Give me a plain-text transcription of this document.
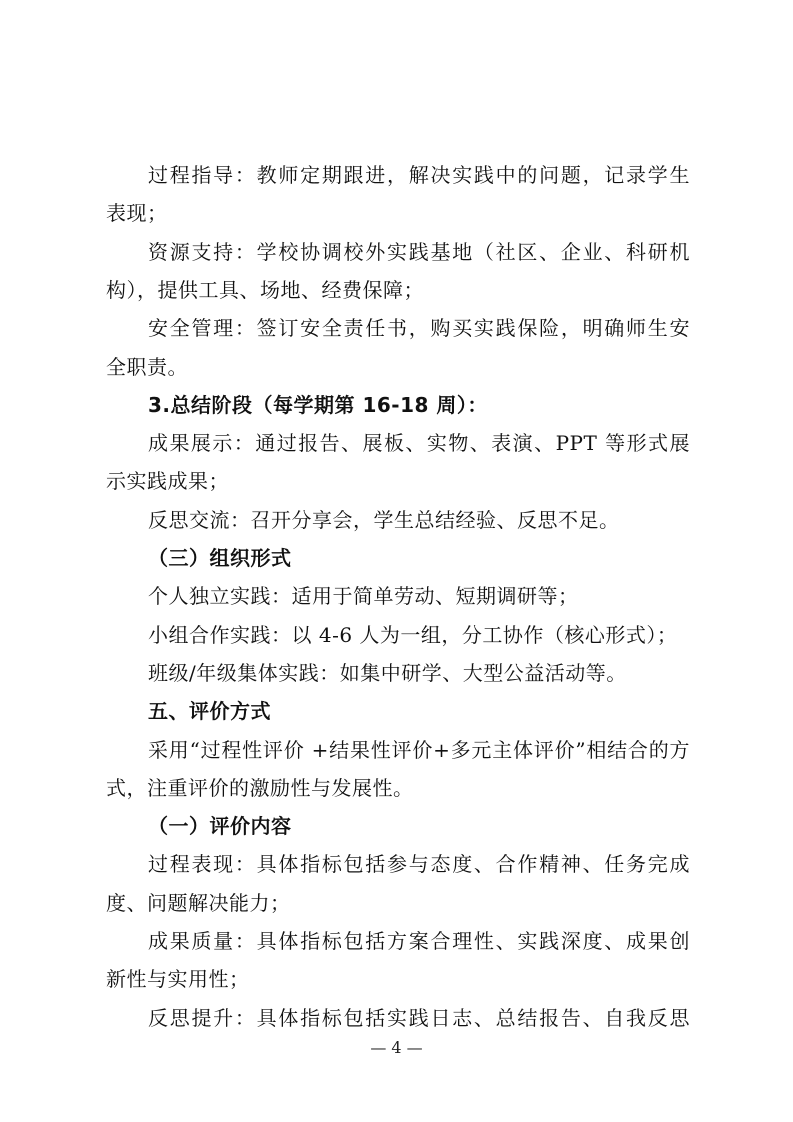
过程指导：教师定期跟进，解决实践中的问题，记录学生
表现；
资源支持：学校协调校外实践基地（社区、企业、科研机
构），提供工具、场地、经费保障；
安全管理：签订安全责任书，购买实践保险，明确师生安
全职责。
3.总结阶段（每学期第 16-18 周）：
成果展示：通过报告、展板、实物、表演、PPT 等形式展
示实践成果；
反思交流：召开分享会，学生总结经验、反思不足。
（三）组织形式
个人独立实践：适用于简单劳动、短期调研等；
小组合作实践：以 4-6 人为一组，分工协作（核心形式）；
班级/年级集体实践：如集中研学、大型公益活动等。
五、评价方式
采用“过程性评价 +结果性评价+多元主体评价”相结合的方
式，注重评价的激励性与发展性。
（一）评价内容
过程表现：具体指标包括参与态度、合作精神、任务完成
度、问题解决能力；
成果质量：具体指标包括方案合理性、实践深度、成果创
新性与实用性；
— 4 —
反思提升：具体指标包括实践日志、总结报告、自我反思
